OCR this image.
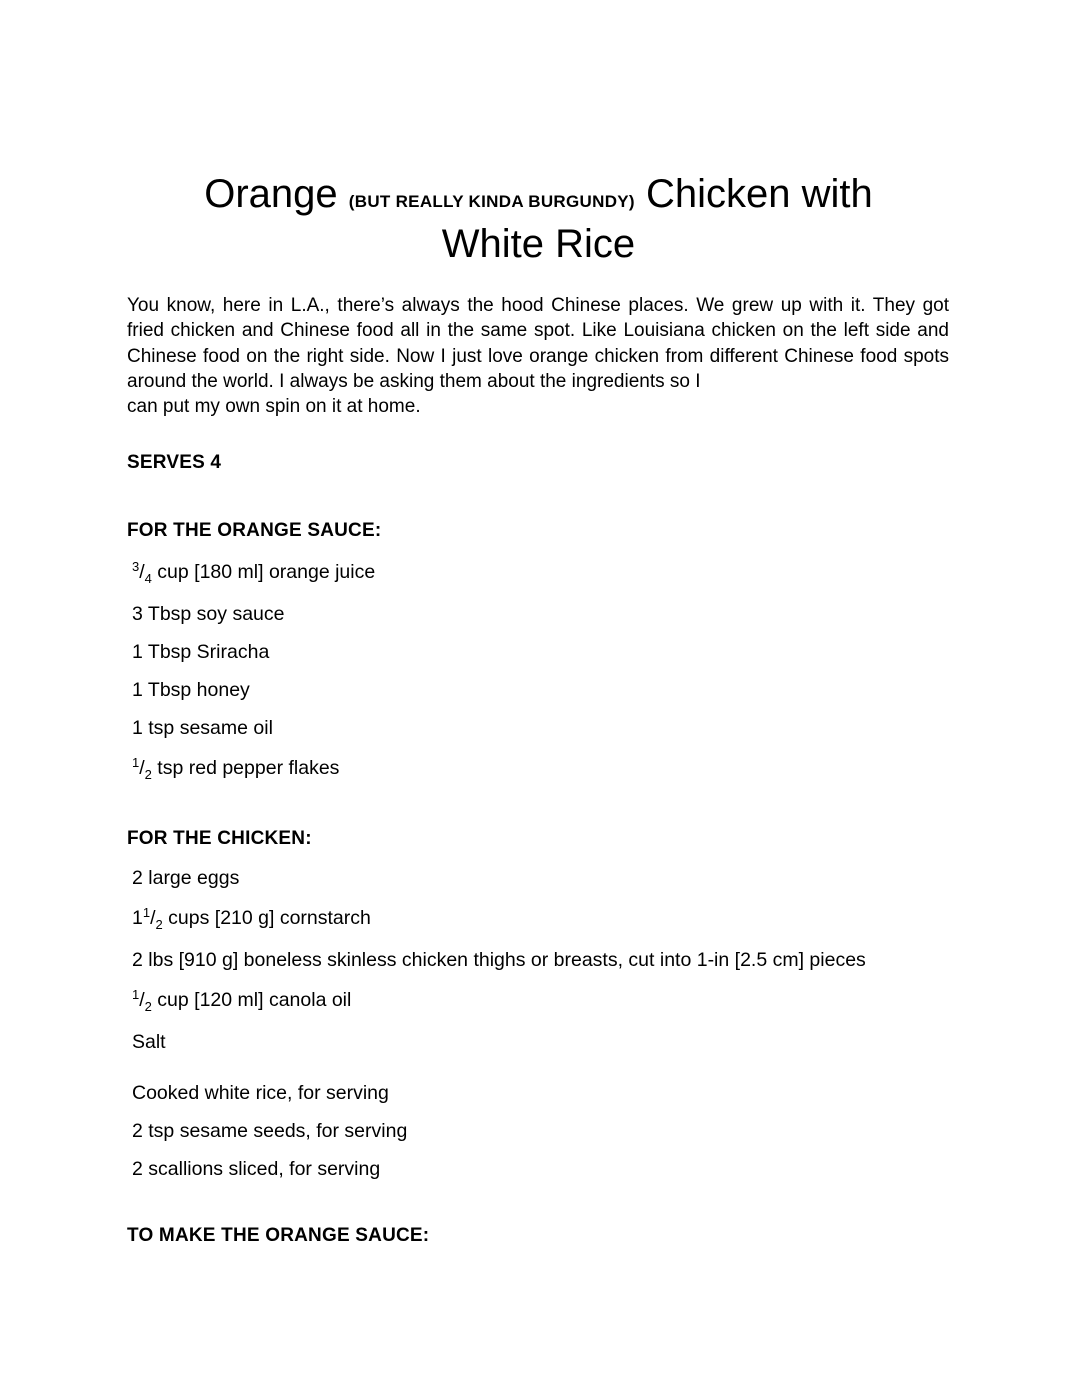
Orange (BUT REALLY KINDA BURGUNDY) Chicken with
White Rice

You know, here in L.A., there’s always the hood Chinese places. We grew up with it. They got fried chicken and Chinese food all in the same spot. Like Louisiana chicken on the left side and Chinese food on the right side. Now I just love orange chicken from different Chinese food spots around the world. I always be asking them about the ingredients so I

can put my own spin on it at home.

SERVES 4

FOR THE ORANGE SAUCE:

$^3/_4$ cup [180 ml] orange juice

3 Tbsp soy sauce

1 Tbsp Sriracha

1 Tbsp honey

1 tsp sesame oil

$^1/_2$ tsp red pepper flakes

FOR THE CHICKEN:

2 large eggs

$1^1/_2$ cups [210 g] cornstarch

2 lbs [910 g] boneless skinless chicken thighs or breasts, cut into 1-in [2.5 cm] pieces

$^1/_2$ cup [120 ml] canola oil

Salt

Cooked white rice, for serving

2 tsp sesame seeds, for serving

2 scallions sliced, for serving

TO MAKE THE ORANGE SAUCE:
